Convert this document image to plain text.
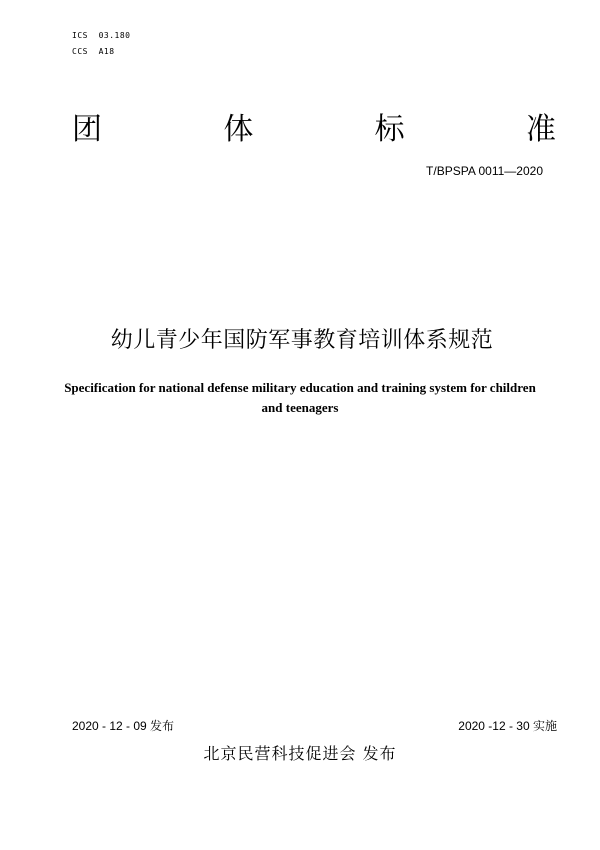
ICS  03.180
CCS  A18
团	体	标	准
T/BPSPA 0011—2020
幼儿青少年国防军事教育培训体系规范
Specification for national defense military education and training system for children and teenagers
2020 - 12 - 09 发布	2020 -12 - 30 实施
北京民营科技促进会 发布
